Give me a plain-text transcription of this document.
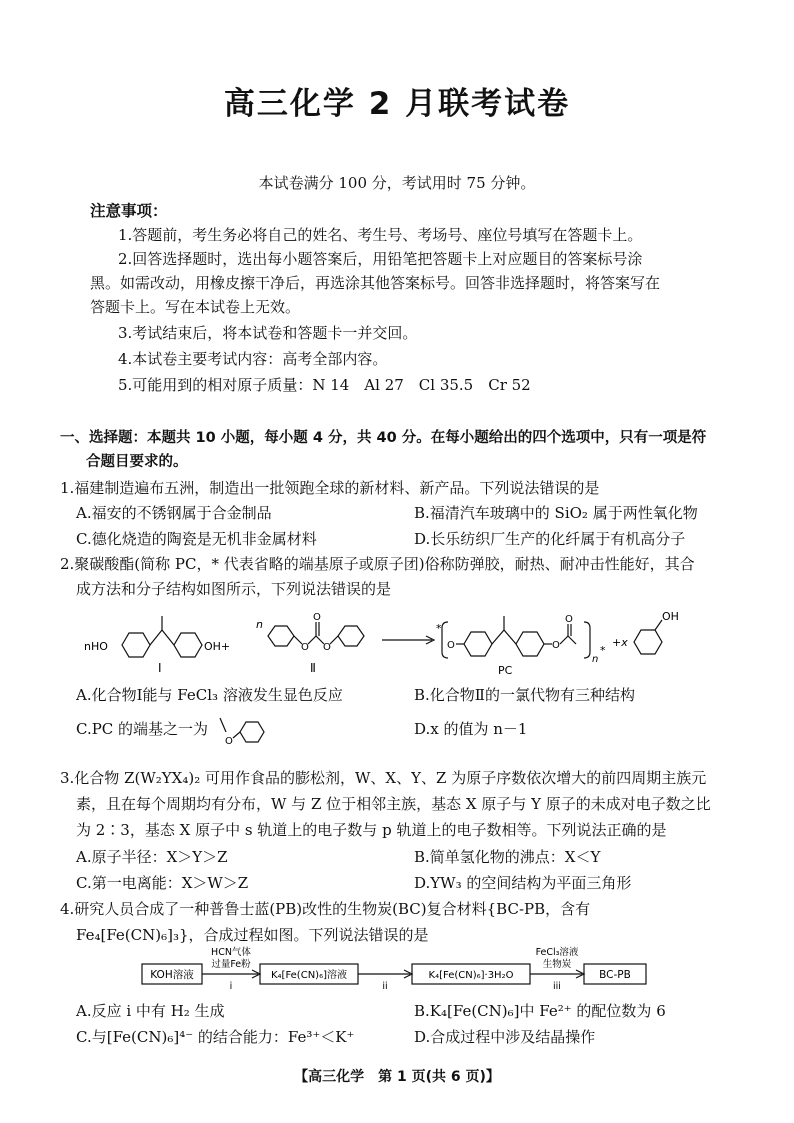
高三化学 2 月联考试卷
本试卷满分 100 分，考试用时 75 分钟。
注意事项：
1.答题前，考生务必将自己的姓名、考生号、考场号、座位号填写在答题卡上。
2.回答选择题时，选出每小题答案后，用铅笔把答题卡上对应题目的答案标号涂
黑。如需改动，用橡皮擦干净后，再选涂其他答案标号。回答非选择题时，将答案写在
答题卡上。写在本试卷上无效。
3.考试结束后，将本试卷和答题卡一并交回。
4.本试卷主要考试内容：高考全部内容。
5.可能用到的相对原子质量：N 14　Al 27　Cl 35.5　Cr 52
一、选择题：本题共 10 小题，每小题 4 分，共 40 分。在每小题给出的四个选项中，只有一项是符
合题目要求的。
1.福建制造遍布五洲，制造出一批领跑全球的新材料、新产品。下列说法错误的是
A.福安的不锈钢属于合金制品	B.福清汽车玻璃中的 SiO₂ 属于两性氧化物
C.德化烧造的陶瓷是无机非金属材料	D.长乐纺织厂生产的化纤属于有机高分子
2.聚碳酸酯(简称 PC，* 代表省略的端基原子或原子团)俗称防弹胶，耐热、耐冲击性能好，其合
成方法和分子结构如图所示，下列说法错误的是
nHO	OH+
n
O
O
O
Ⅰ	Ⅱ
*
O	O
O
PC
n
*
+x
OH
A.化合物Ⅰ能与 FeCl₃ 溶液发生显色反应	B.化合物Ⅱ的一氯代物有三种结构
C.PC 的端基之一为
O
D.x 的值为 n－1
3.化合物 Z(W₂YX₄)₂ 可用作食品的膨松剂，W、X、Y、Z 为原子序数依次增大的前四周期主族元
素，且在每个周期均有分布，W 与 Z 位于相邻主族，基态 X 原子与 Y 原子的未成对电子数之比
为 2∶3，基态 X 原子中 s 轨道上的电子数与 p 轨道上的电子数相等。下列说法正确的是
A.原子半径：X＞Y＞Z	B.简单氢化物的沸点：X＜Y
C.第一电离能：X＞W＞Z	D.YW₃ 的空间结构为平面三角形
4.研究人员合成了一种普鲁士蓝(PB)改性的生物炭(BC)复合材料{BC-PB，含有
Fe₄[Fe(CN)₆]₃}，合成过程如图。下列说法错误的是
KOH溶液	K₄[Fe(CN)₆]溶液	K₄[Fe(CN)₆]·3H₂O	BC-PB
HCN气体
过量Fe粉
i	ii
FeCl₃溶液
生物炭
iii
A.反应 i 中有 H₂ 生成	B.K₄[Fe(CN)₆]中 Fe²⁺ 的配位数为 6
C.与[Fe(CN)₆]⁴⁻ 的结合能力：Fe³⁺＜K⁺	D.合成过程中涉及结晶操作
【高三化学　第 1 页(共 6 页)】
